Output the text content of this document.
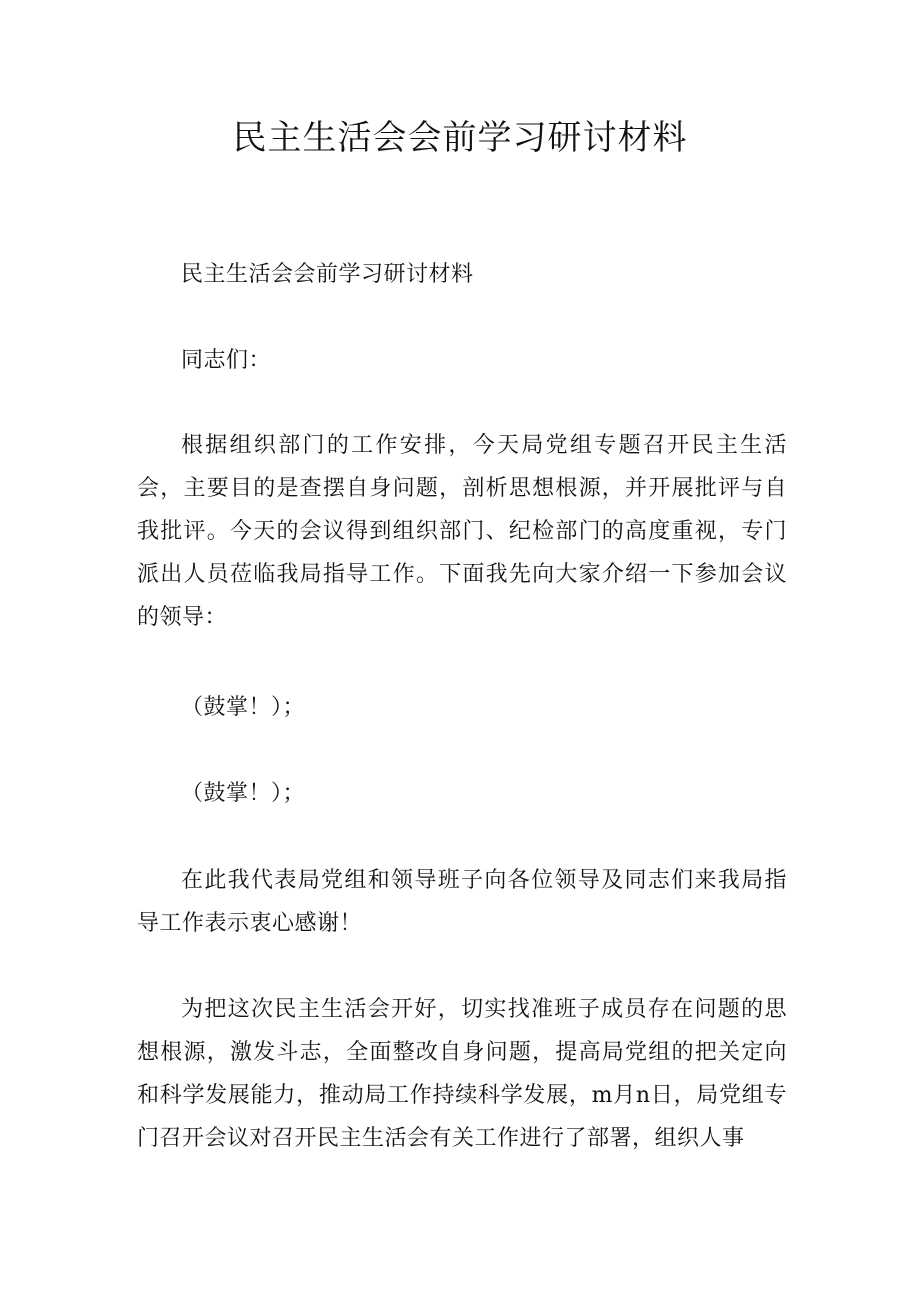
民主生活会会前学习研讨材料

民主生活会会前学习研讨材料

同志们：

根据组织部门的工作安排，今天局党组专题召开民主生活会，主要目的是查摆自身问题，剖析思想根源，并开展批评与自我批评。今天的会议得到组织部门、纪检部门的高度重视，专门派出人员莅临我局指导工作。下面我先向大家介绍一下参加会议的领导：

（鼓掌！）；

（鼓掌！）；

在此我代表局党组和领导班子向各位领导及同志们来我局指导工作表示衷心感谢！

为把这次民主生活会开好，切实找准班子成员存在问题的思想根源，激发斗志，全面整改自身问题，提高局党组的把关定向和科学发展能力，推动局工作持续科学发展，m月n日，局党组专门召开会议对召开民主生活会有关工作进行了部署，组织人事
